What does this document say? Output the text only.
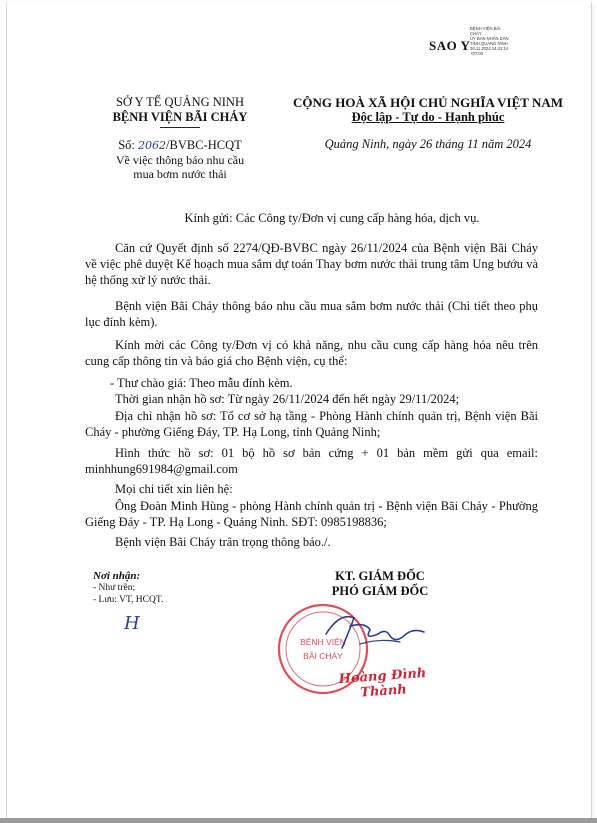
SAO Y
BỆNH VIỆN BÃI
CHÁY
ỦY BAN NHÂN DÂN
TỈNH QUẢNG NINH
26.11.2024 14:41:14
+07:00
SỞ Y TẾ QUẢNG NINH
BỆNH VIỆN BÃI CHÁY
CỘNG HOÀ XÃ HỘI CHỦ NGHĨA VIỆT NAM
Độc lập - Tự do - Hạnh phúc
Số: 2062/BVBC-HCQT
Về việc thông báo nhu cầu
mua bơm nước thải
Quảng Ninh, ngày 26 tháng 11 năm 2024
Kính gửi: Các Công ty/Đơn vị cung cấp hàng hóa, dịch vụ.
Căn cứ Quyết định số 2274/QĐ-BVBC ngày 26/11/2024 của Bệnh viện Bãi Cháy về việc phê duyệt Kế hoạch mua sắm dự toán Thay bơm nước thải trung tâm Ung bướu và hệ thống xử lý nước thải.
Bệnh viện Bãi Cháy thông báo nhu cầu mua sắm bơm nước thải (Chi tiết theo phụ lục đính kèm).
Kính mời các Công ty/Đơn vị có khả năng, nhu cầu cung cấp hàng hóa nêu trên cung cấp thông tin và báo giá cho Bệnh viện, cụ thể:
- Thư chào giá: Theo mẫu đính kèm.
Thời gian nhận hồ sơ: Từ ngày 26/11/2024 đến hết ngày 29/11/2024;
Địa chỉ nhận hồ sơ: Tổ cơ sở hạ tầng - Phòng Hành chính quản trị, Bệnh viện Bãi Cháy - phường Giếng Đáy, TP. Hạ Long, tỉnh Quảng Ninh;
Hình thức hồ sơ: 01 bộ hồ sơ bản cứng + 01 bản mềm gửi qua email: minhhung691984@gmail.com
Mọi chi tiết xin liên hệ:
Ông Đoàn Minh Hùng - phòng Hành chính quản trị - Bệnh viện Bãi Cháy - Phường Giếng Đáy - TP. Hạ Long - Quảng Ninh. SĐT: 0985198836;
Bệnh viện Bãi Cháy trân trọng thông báo./.
Nơi nhận:
- Như trên;
- Lưu: VT, HCQT.
H
KT. GIÁM ĐỐC
PHÓ GIÁM ĐỐC
BỆNH VIỆN
BÃI CHÁY
Hoàng Đình Thành
